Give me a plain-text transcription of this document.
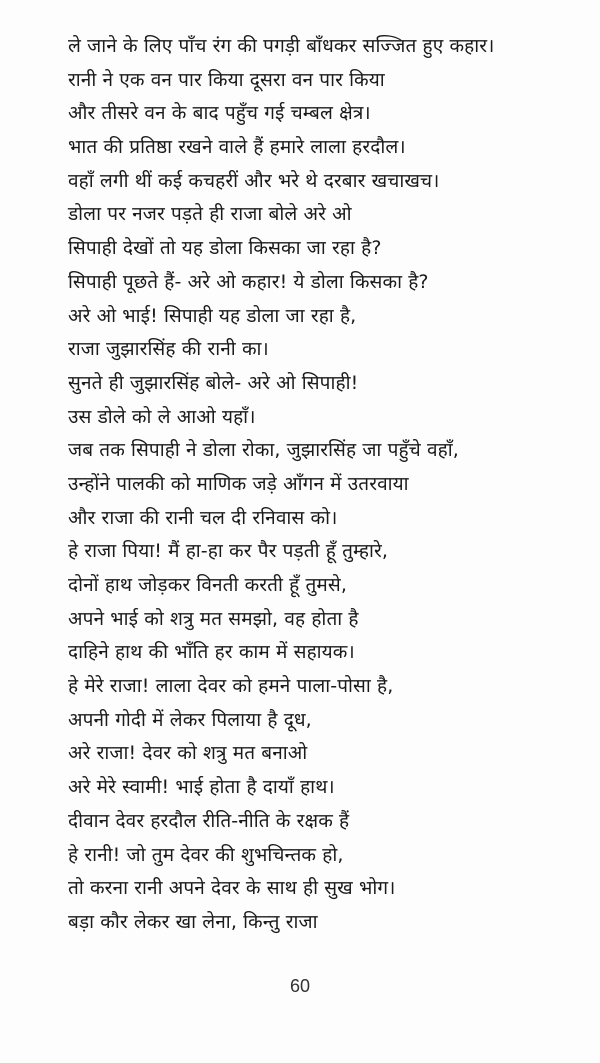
ले जाने के लिए पाँच रंग की पगड़ी बाँधकर सज्जित हुए कहार।
रानी ने एक वन पार किया दूसरा वन पार किया
और तीसरे वन के बाद पहुँच गई चम्बल क्षेत्र।
भात की प्रतिष्ठा रखने वाले हैं हमारे लाला हरदौल।
वहाँ लगी थीं कई कचहरीं और भरे थे दरबार खचाखच।
डोला पर नजर पड़ते ही राजा बोले अरे ओ
सिपाही देखों तो यह डोला किसका जा रहा है?
सिपाही पूछते हैं- अरे ओ कहार! ये डोला किसका है?
अरे ओ भाई! सिपाही यह डोला जा रहा है,
राजा जुझारसिंह की रानी का।
सुनते ही जुझारसिंह बोले- अरे ओ सिपाही!
उस डोले को ले आओ यहाँ।
जब तक सिपाही ने डोला रोका, जुझारसिंह जा पहुँचे वहाँ,
उन्होंने पालकी को माणिक जड़े आँगन में उतरवाया
और राजा की रानी चल दी रनिवास को।
हे राजा पिया! मैं हा-हा कर पैर पड़ती हूँ तुम्हारे,
दोनों हाथ जोड़कर विनती करती हूँ तुमसे,
अपने भाई को शत्रु मत समझो, वह होता है
दाहिने हाथ की भाँति हर काम में सहायक।
हे मेरे राजा! लाला देवर को हमने पाला-पोसा है,
अपनी गोदी में लेकर पिलाया है दूध,
अरे राजा! देवर को शत्रु मत बनाओ
अरे मेरे स्वामी! भाई होता है दायाँ हाथ।
दीवान देवर हरदौल रीति-नीति के रक्षक हैं
हे रानी! जो तुम देवर की शुभचिन्तक हो,
तो करना रानी अपने देवर के साथ ही सुख भोग।
बड़ा कौर लेकर खा लेना, किन्तु राजा
60
